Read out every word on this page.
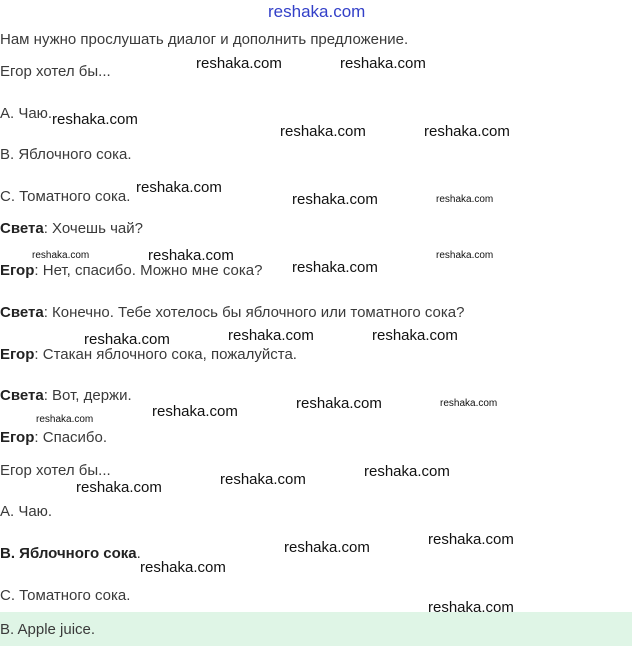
reshaka.com
Нам нужно прослушать диалог и дополнить предложение.
Егор хотел бы...
A. Чаю.
B. Яблочного сока.
C. Томатного сока.
Света: Хочешь чай?
Егор: Нет, спасибо. Можно мне сока?
Света: Конечно. Тебе хотелось бы яблочного или томатного сока?
Егор: Стакан яблочного сока, пожалуйста.
Света: Вот, держи.
Егор: Спасибо.
Егор хотел бы...
A. Чаю.
B. Яблочного сока.
C. Томатного сока.
B. Apple juice.
reshaka.com	reshaka.com
reshaka.com
reshaka.com	reshaka.com
reshaka.com
reshaka.com	reshaka.com
reshaka.com	reshaka.com
reshaka.com
reshaka.com
reshaka.com	reshaka.com	reshaka.com
reshaka.com	reshaka.com	reshaka.com	reshaka.com
reshaka.com
reshaka.com
reshaka.com
reshaka.com
reshaka.com
reshaka.com
reshaka.com
